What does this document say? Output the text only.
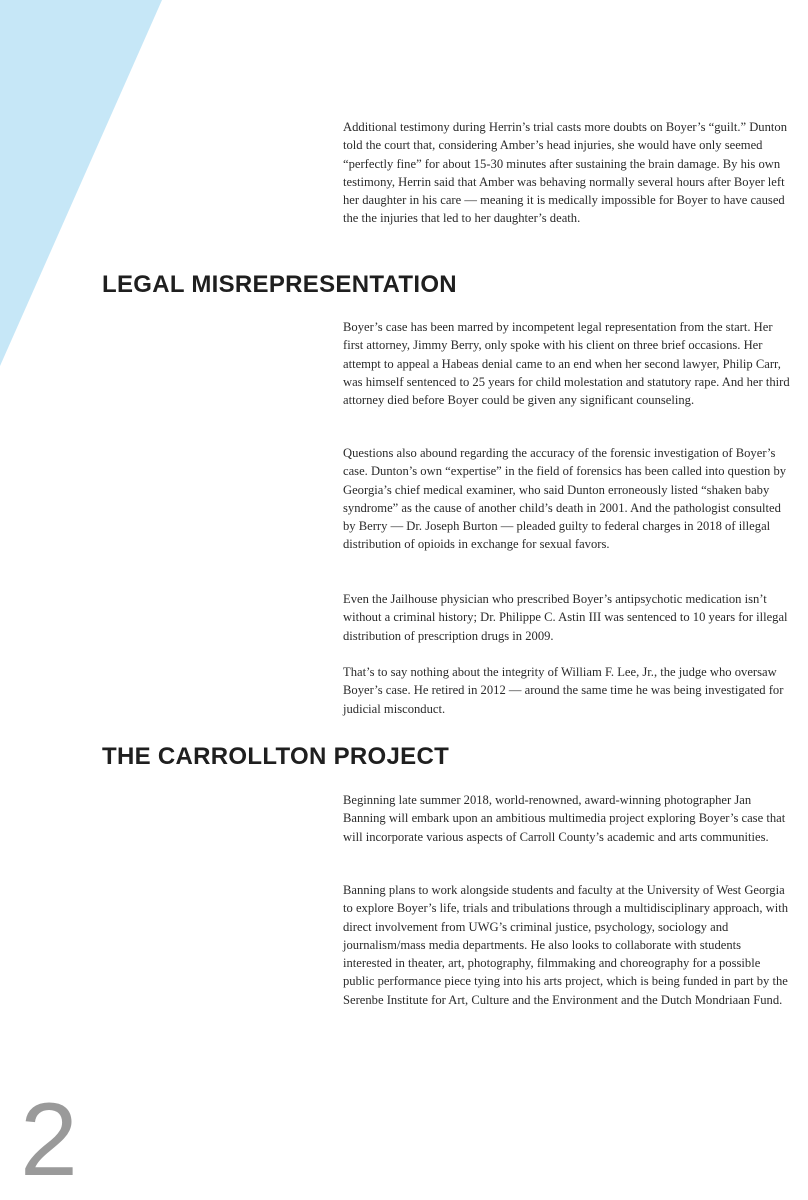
Additional testimony during Herrin’s trial casts more doubts on Boyer’s “guilt.” Dunton told the court that, considering Amber’s head injuries, she would have only seemed “perfectly fine” for about 15-30 minutes after sustaining the brain damage. By his own testimony, Herrin said that Amber was behaving normally several hours after Boyer left her daughter in his care — meaning it is medically impossible for Boyer to have caused the the injuries that led to her daughter’s death.

LEGAL MISREPRESENTATION

Boyer’s case has been marred by incompetent legal representation from the start. Her first attorney, Jimmy Berry, only spoke with his client on three brief occasions. Her attempt to appeal a Habeas denial came to an end when her second lawyer, Philip Carr, was himself sentenced to 25 years for child molestation and statutory rape. And her third attorney died before Boyer could be given any significant counseling.

Questions also abound regarding the accuracy of the forensic investigation of Boyer’s case. Dunton’s own “expertise” in the field of forensics has been called into question by Georgia’s chief medical examiner, who said Dunton erroneously listed “shaken baby syndrome” as the cause of another child’s death in 2001. And the pathologist consulted by Berry — Dr. Joseph Burton — pleaded guilty to federal charges in 2018 of illegal distribution of opioids in exchange for sexual favors.

Even the Jailhouse physician who prescribed Boyer’s antipsychotic medication isn’t without a criminal history; Dr. Philippe C. Astin III was sentenced to 10 years for illegal distribution of prescription drugs in 2009.

That’s to say nothing about the integrity of William F. Lee, Jr., the judge who oversaw Boyer’s case. He retired in 2012 — around the same time he was being investigated for judicial misconduct.

THE CARROLLTON PROJECT

Beginning late summer 2018, world-renowned, award-winning photographer Jan Banning will embark upon an ambitious multimedia project exploring Boyer’s case that will incorporate various aspects of Carroll County’s academic and arts communities.

Banning plans to work alongside students and faculty at the University of West Georgia to explore Boyer’s life, trials and tribulations through a multidisciplinary approach, with direct involvement from UWG’s criminal justice, psychology, sociology and journalism/mass media departments. He also looks to collaborate with students interested in theater, art, photography, filmmaking and choreography for a possible public performance piece tying into his arts project, which is being funded in part by the Serenbe Institute for Art, Culture and the Environment and the Dutch Mondriaan Fund.

2
